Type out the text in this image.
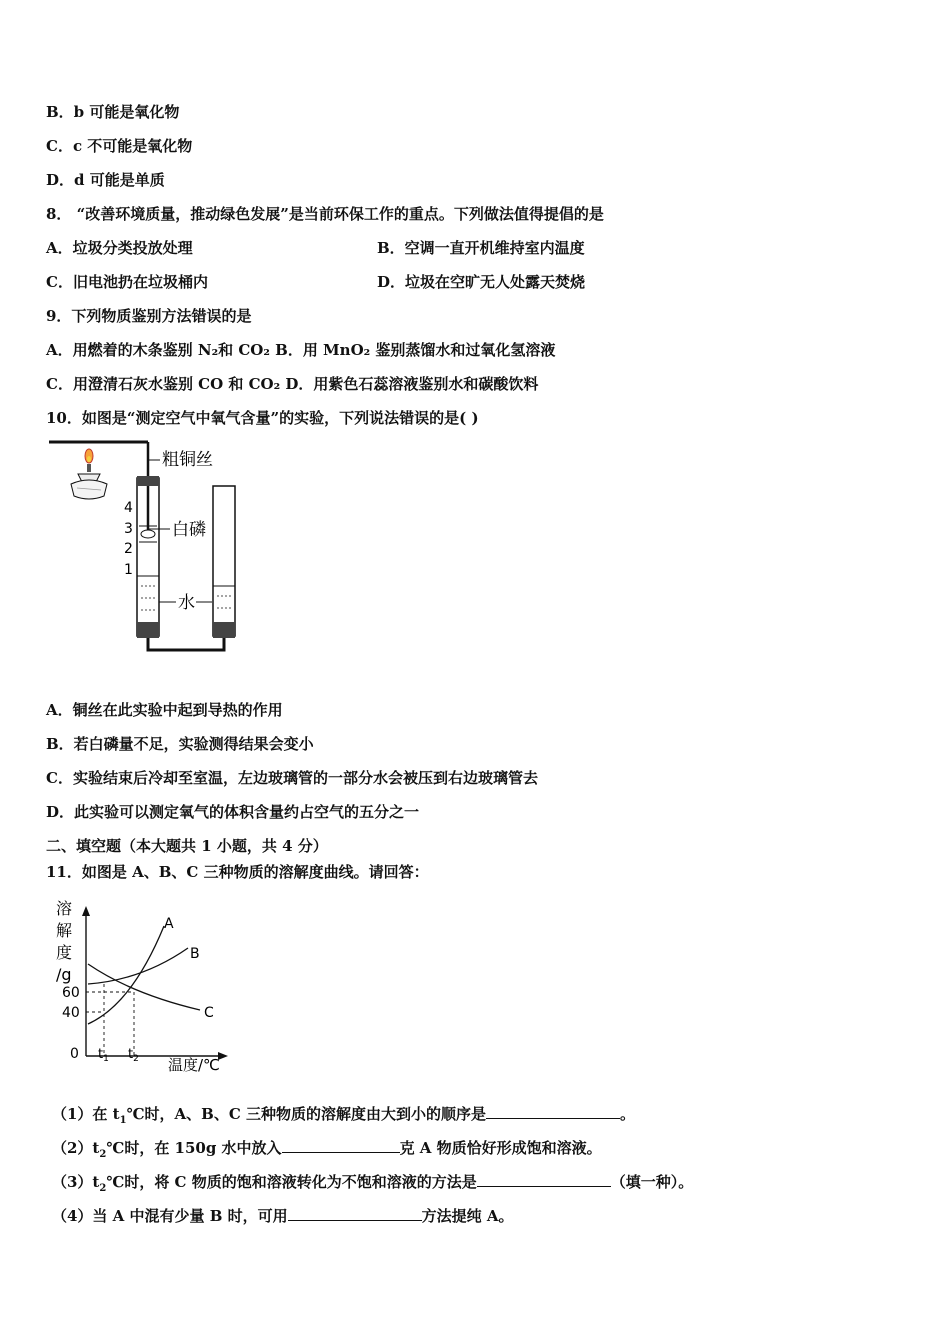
B．b 可能是氧化物
C．c 不可能是氧化物
D．d 可能是单质
8． “改善环境质量，推动绿色发展”是当前环保工作的重点。下列做法值得提倡的是
A．垃圾分类投放处理	B．空调一直开机维持室内温度
C．旧电池扔在垃圾桶内	D．垃圾在空旷无人处露天焚烧
9．下列物质鉴别方法错误的是
A．用燃着的木条鉴别 N₂和 CO₂ B．用 MnO₂ 鉴别蒸馏水和过氧化氢溶液
C．用澄清石灰水鉴别 CO 和 CO₂ D．用紫色石蕊溶液鉴别水和碳酸饮料
10．如图是“测定空气中氧气含量”的实验，下列说法错误的是( )
粗铜丝
4
3
2
1
白磷
水
A．铜丝在此实验中起到导热的作用
B．若白磷量不足，实验测得结果会变小
C．实验结束后冷却至室温，左边玻璃管的一部分水会被压到右边玻璃管去
D．此实验可以测定氧气的体积含量约占空气的五分之一
二、填空题（本大题共 1 小题，共 4 分）
11．如图是 A、B、C 三种物质的溶解度曲线。请回答：
溶
解
度
/g
A
B
C
60
40
0 $t_1$ $t_2$ 温度/℃
（1）在 $t_1℃$时，A、B、C 三种物质的溶解度由大到小的顺序是	。
$(2)t_2℃$时，在 150g 水中放入	克 A 物质恰好形成饱和溶液。
$(3)t_2℃$时，将 C 物质的饱和溶液转化为不饱和溶液的方法是	（填一种）。
（4）当 A 中混有少量 B 时，可用	方法提纯 A。
